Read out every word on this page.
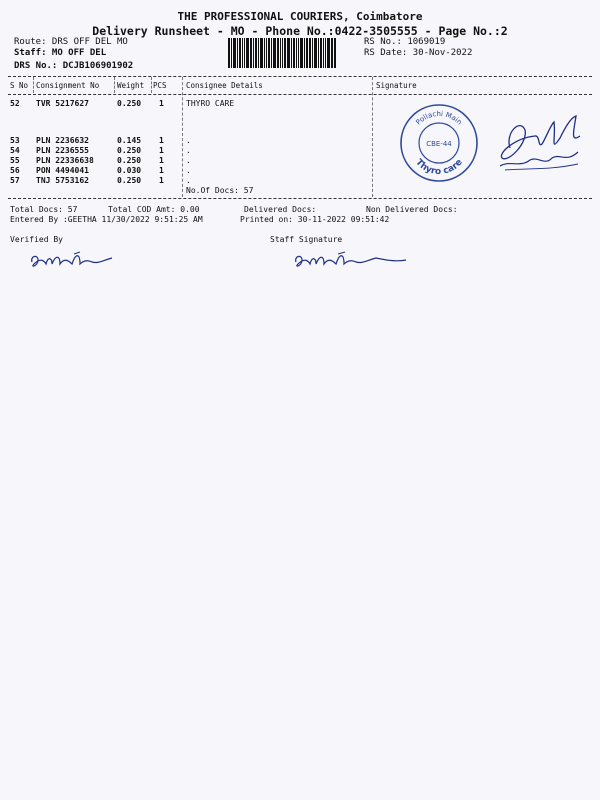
THE PROFESSIONAL COURIERS, Coimbatore
Delivery Runsheet - MO - Phone No.:0422-3505555 - Page No.:2
Route: DRS OFF DEL MO
Staff: MO OFF DEL
DRS No.: DCJB106901902
RS No.: 1069019
RS Date: 30-Nov-2022
S No Consignment No Weight PCS	Consignee Details	Signature
52 TVR 5217627	0.250 1	THYRO CARE
53 PLN 2236632	0.145 1	.
54 PLN 2236555	0.250 1	.
55 PLN 22336638	0.250 1	.
56 PON 4494041	0.030 1	.
57 TNJ 5753162	0.250 1	.
No.Of Docs: 57
Thyro care
Pollachi Main
CBE-44
Total Docs: 57	Total COD Amt: 0.00	Delivered Docs:	Non Delivered Docs:
Entered By :GEETHA 11/30/2022 9:51:25 AM	Printed on: 30-11-2022 09:51:42
Verified By	Staff Signature
